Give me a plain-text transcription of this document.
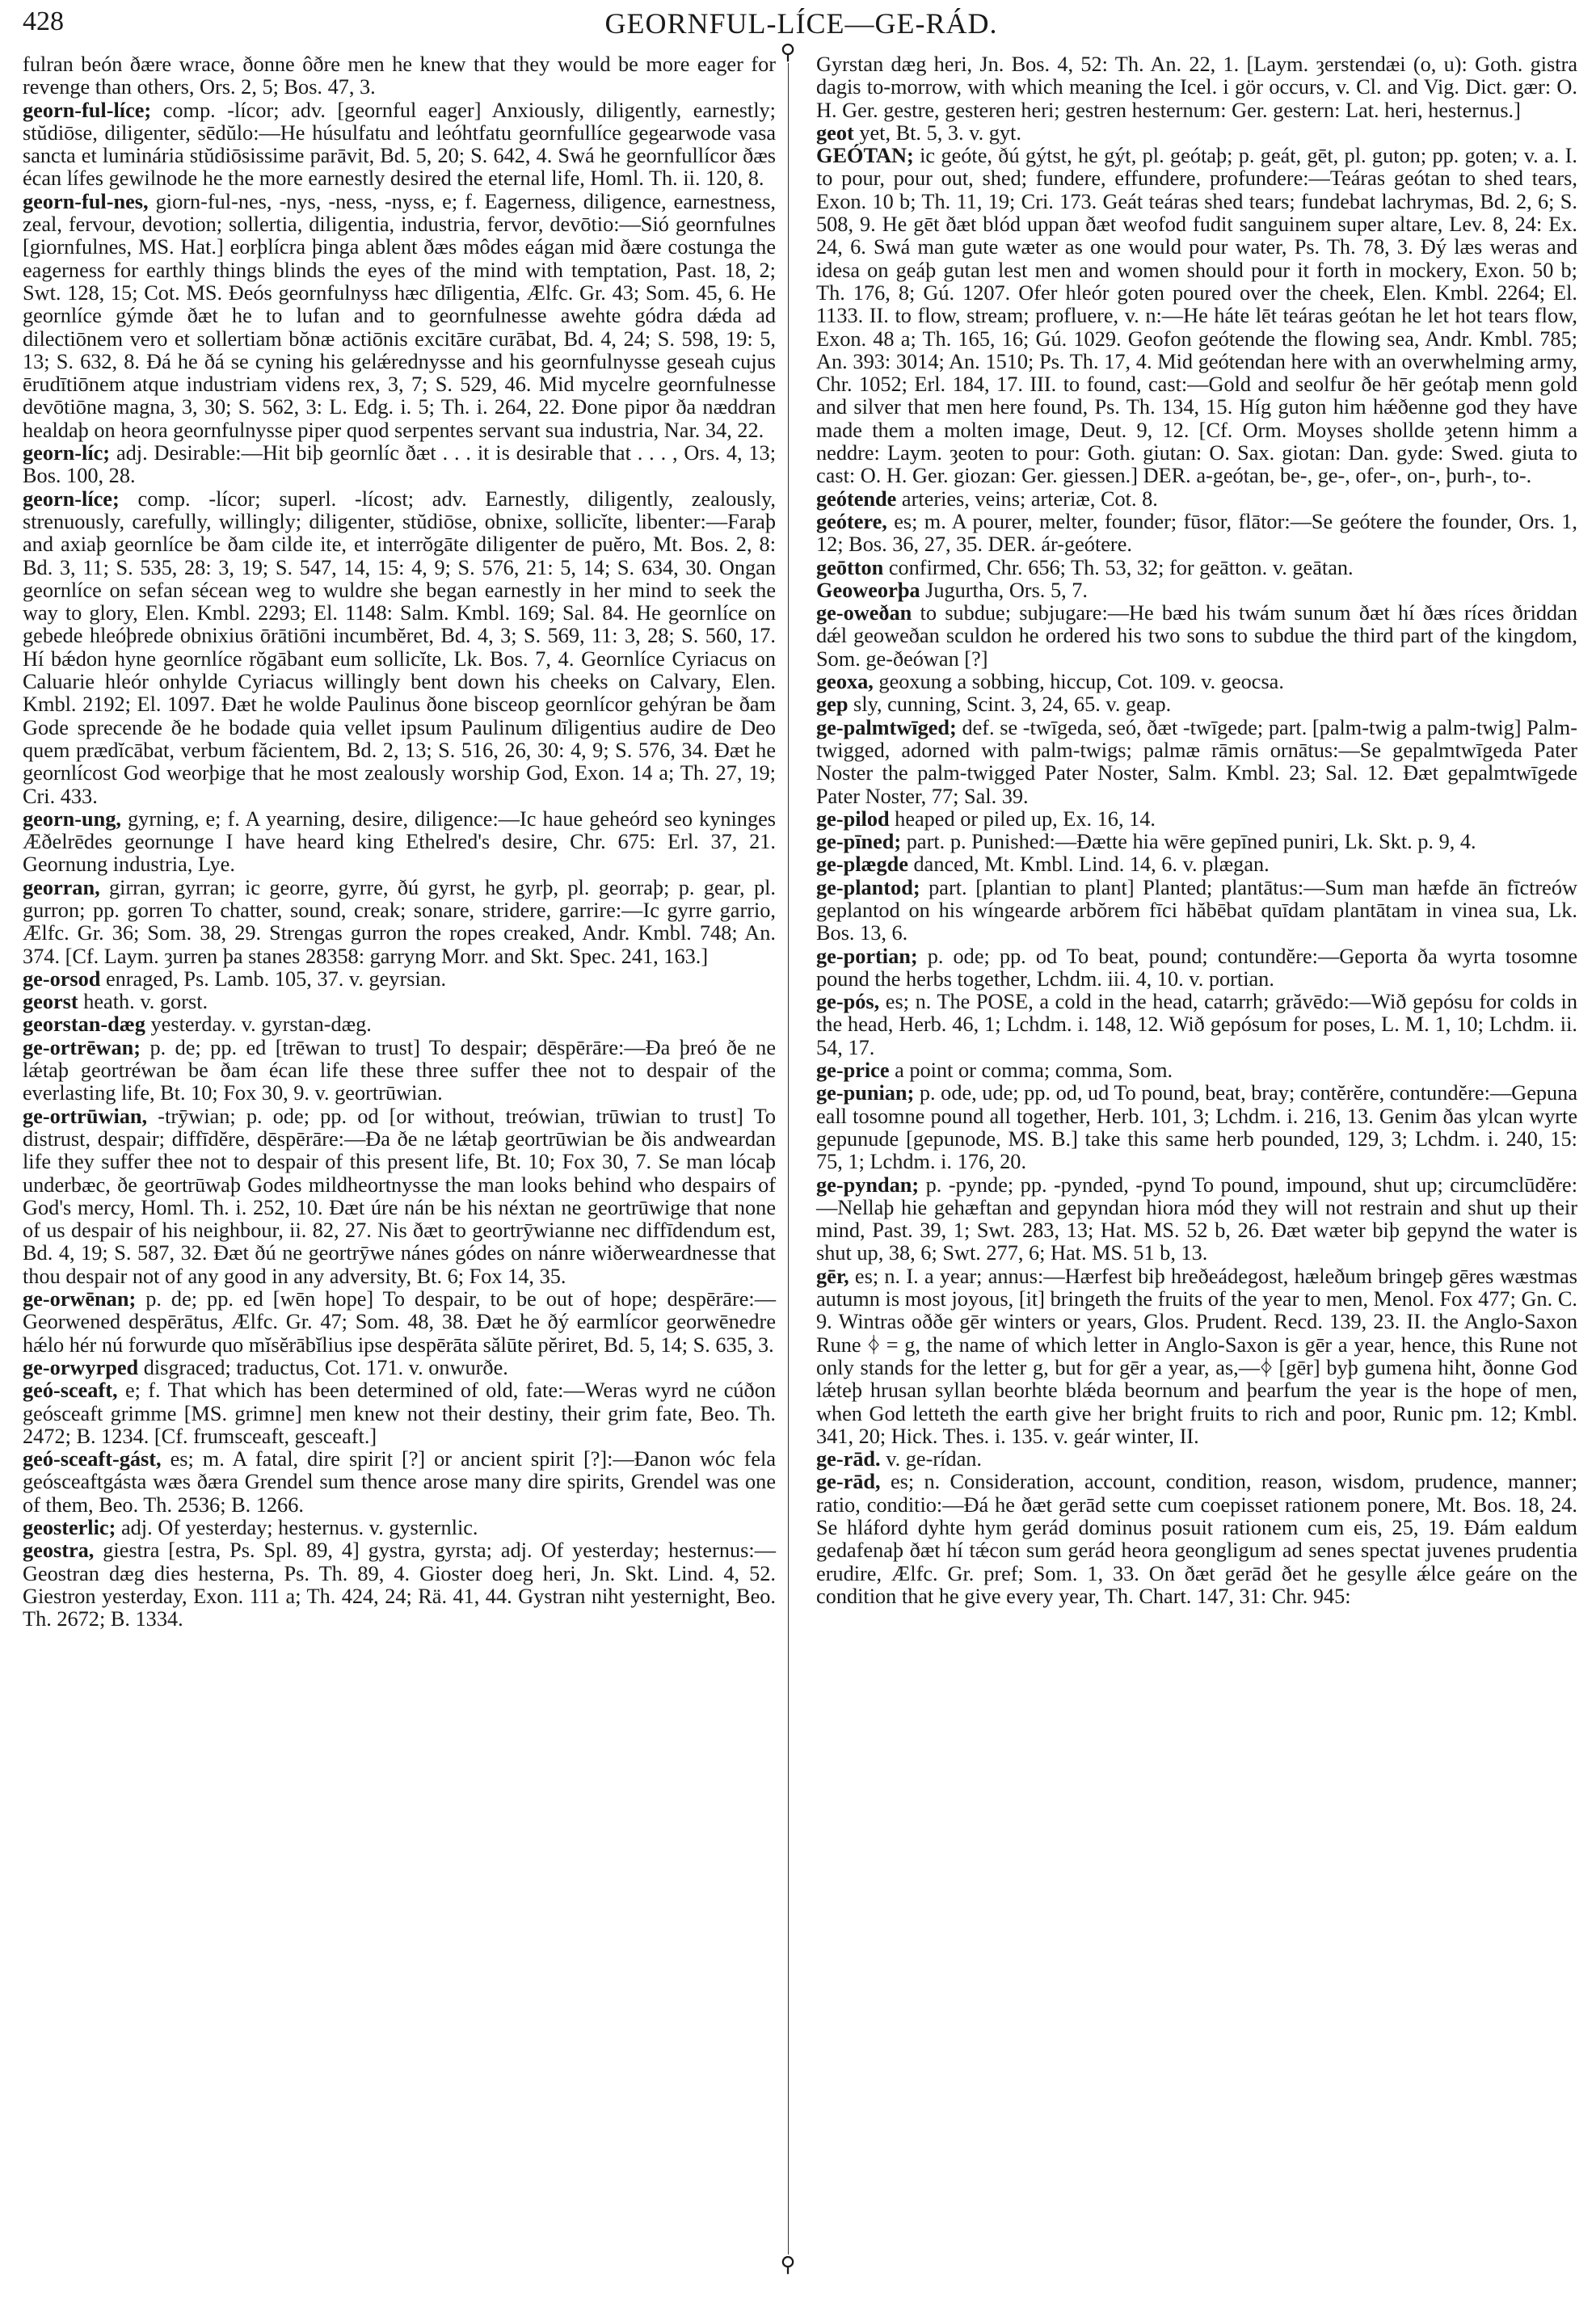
428	GEORNFUL-LÍCE—GE-RÁD.
⚲
⚲

fulran beón ðære wrace, ðonne ôðre men he knew that they would be more eager for revenge than others, Ors. 2, 5; Bos. 47, 3.

georn-ful-líce; comp. -lícor; adv. [geornful eager] Anxiously, diligently, earnestly; stŭdiōse, diligenter, sēdŭlo:—He húsulfatu and leóhtfatu geornfullíce gegearwode vasa sancta et luminária stŭdiōsissime parāvit, Bd. 5, 20; S. 642, 4. Swá he geornfullícor ðæs écan lífes gewilnode he the more earnestly desired the eternal life, Homl. Th. ii. 120, 8.

georn-ful-nes, giorn-ful-nes, -nys, -ness, -nyss, e; f. Eagerness, diligence, earnestness, zeal, fervour, devotion; sollertia, diligentia, industria, fervor, devōtio:—Sió geornfulnes [giornfulnes, MS. Hat.] eorþlícra þinga ablent ðæs môdes eágan mid ðære costunga the eagerness for earthly things blinds the eyes of the mind with temptation, Past. 18, 2; Swt. 128, 15; Cot. MS. Ðeós geornfulnyss hæc dīligentia, Ælfc. Gr. 43; Som. 45, 6. He geornlíce gýmde ðæt he to lufan and to geornfulnesse awehte gódra dǽda ad dilectiōnem vero et sollertiam bŏnæ actiōnis excitāre curābat, Bd. 4, 24; S. 598, 19: 5, 13; S. 632, 8. Ðá he ðá se cyning his gelǽrednysse and his geornfulnysse geseah cujus ērudītiōnem atque industriam videns rex, 3, 7; S. 529, 46. Mid mycelre geornfulnesse devōtiōne magna, 3, 30; S. 562, 3: L. Edg. i. 5; Th. i. 264, 22. Ðone pipor ða næddran healdaþ on heora geornfulnysse piper quod serpentes servant sua industria, Nar. 34, 22.

georn-líc; adj. Desirable:—Hit biþ geornlíc ðæt . . . it is desirable that . . . , Ors. 4, 13; Bos. 100, 28.

georn-líce; comp. -lícor; superl. -lícost; adv. Earnestly, diligently, zealously, strenuously, carefully, willingly; diligenter, stŭdiōse, obnixe, sollicĭte, libenter:—Faraþ and axiaþ geornlíce be ðam cilde ite, et interrŏgāte diligenter de puĕro, Mt. Bos. 2, 8: Bd. 3, 11; S. 535, 28: 3, 19; S. 547, 14, 15: 4, 9; S. 576, 21: 5, 14; S. 634, 30. Ongan geornlíce on sefan sécean weg to wuldre she began earnestly in her mind to seek the way to glory, Elen. Kmbl. 2293; El. 1148: Salm. Kmbl. 169; Sal. 84. He geornlíce on gebede hleóþrede obnixius ōrātiōni incumbĕret, Bd. 4, 3; S. 569, 11: 3, 28; S. 560, 17. Hí bǽdon hyne geornlíce rŏgābant eum sollicĭte, Lk. Bos. 7, 4. Geornlíce Cyriacus on Caluarie hleór onhylde Cyriacus willingly bent down his cheeks on Calvary, Elen. Kmbl. 2192; El. 1097. Ðæt he wolde Paulinus ðone bisceop geornlícor gehýran be ðam Gode sprecende ðe he bodade quia vellet ipsum Paulinum dīligentius audire de Deo quem prædĭcābat, verbum făcientem, Bd. 2, 13; S. 516, 26, 30: 4, 9; S. 576, 34. Ðæt he geornlícost God weorþige that he most zealously worship God, Exon. 14 a; Th. 27, 19; Cri. 433.

georn-ung, gyrning, e; f. A yearning, desire, diligence:—Ic haue geheórd seo kyninges Æðelrēdes geornunge I have heard king Ethelred's desire, Chr. 675: Erl. 37, 21. Geornung industria, Lye.

georran, girran, gyrran; ic georre, gyrre, ðú gyrst, he gyrþ, pl. georraþ; p. gear, pl. gurron; pp. gorren To chatter, sound, creak; sonare, stridere, garrire:—Ic gyrre garrio, Ælfc. Gr. 36; Som. 38, 29. Strengas gurron the ropes creaked, Andr. Kmbl. 748; An. 374. [Cf. Laym. ȝurren þa stanes 28358: garryng Morr. and Skt. Spec. 241, 163.]

ge-orsod enraged, Ps. Lamb. 105, 37. v. geyrsian.

georst heath. v. gorst.

georstan-dæg yesterday. v. gyrstan-dæg.

ge-ortrēwan; p. de; pp. ed [trēwan to trust] To despair; dēspērāre:—Ða þreó ðe ne lǽtaþ geortréwan be ðam écan life these three suffer thee not to despair of the everlasting life, Bt. 10; Fox 30, 9. v. geortrūwian.

ge-ortrūwian, -trȳwian; p. ode; pp. od [or without, treówian, trūwian to trust] To distrust, despair; diffīdĕre, dēspērāre:—Ða ðe ne lǽtaþ geortrūwian be ðis andweardan life they suffer thee not to despair of this present life, Bt. 10; Fox 30, 7. Se man lócaþ underbæc, ðe geortrūwaþ Godes mildheortnysse the man looks behind who despairs of God's mercy, Homl. Th. i. 252, 10. Ðæt úre nán be his néxtan ne geortrūwige that none of us despair of his neighbour, ii. 82, 27. Nis ðæt to geortrȳwianne nec diffīdendum est, Bd. 4, 19; S. 587, 32. Ðæt ðú ne geortrȳwe nánes gódes on nánre wiðerweardnesse that thou despair not of any good in any adversity, Bt. 6; Fox 14, 35.

ge-orwēnan; p. de; pp. ed [wēn hope] To despair, to be out of hope; despērāre:—Georwened despērātus, Ælfc. Gr. 47; Som. 48, 38. Ðæt he ðý earmlícor georwēnedre hǽlo hér nú forwurde quo mĭsĕrābĭlius ipse despērāta sălūte pĕriret, Bd. 5, 14; S. 635, 3.

ge-orwyrped disgraced; traductus, Cot. 171. v. onwurðe.

geó-sceaft, e; f. That which has been determined of old, fate:—Weras wyrd ne cúðon geósceaft grimme [MS. grimne] men knew not their destiny, their grim fate, Beo. Th. 2472; B. 1234. [Cf. frumsceaft, gesceaft.]

geó-sceaft-gást, es; m. A fatal, dire spirit [?] or ancient spirit [?]:—Ðanon wóc fela geósceaftgásta wæs ðæra Grendel sum thence arose many dire spirits, Grendel was one of them, Beo. Th. 2536; B. 1266.

geosterlic; adj. Of yesterday; hesternus. v. gysternlic.

geostra, giestra [estra, Ps. Spl. 89, 4] gystra, gyrsta; adj. Of yesterday; hesternus:—Geostran dæg dies hesterna, Ps. Th. 89, 4. Gioster doeg heri, Jn. Skt. Lind. 4, 52. Giestron yesterday, Exon. 111 a; Th. 424, 24; Rä. 41, 44. Gystran niht yesternight, Beo. Th. 2672; B. 1334.

Gyrstan dæg heri, Jn. Bos. 4, 52: Th. An. 22, 1. [Laym. ȝerstendæi (o, u): Goth. gistra dagis to-morrow, with which meaning the Icel. i gör occurs, v. Cl. and Vig. Dict. gær: O. H. Ger. gestre, gesteren heri; gestren hesternum: Ger. gestern: Lat. heri, hesternus.]

geot yet, Bt. 5, 3. v. gyt.

GEÓTAN; ic geóte, ðú gýtst, he gýt, pl. geótaþ; p. geát, gēt, pl. guton; pp. goten; v. a. I. to pour, pour out, shed; fundere, effundere, profundere:—Teáras geótan to shed tears, Exon. 10 b; Th. 11, 19; Cri. 173. Geát teáras shed tears; fundebat lachrymas, Bd. 2, 6; S. 508, 9. He gēt ðæt blód uppan ðæt weofod fudit sanguinem super altare, Lev. 8, 24: Ex. 24, 6. Swá man gute wæter as one would pour water, Ps. Th. 78, 3. Ðý læs weras and idesa on geáþ gutan lest men and women should pour it forth in mockery, Exon. 50 b; Th. 176, 8; Gú. 1207. Ofer hleór goten poured over the cheek, Elen. Kmbl. 2264; El. 1133. II. to flow, stream; profluere, v. n:—He háte lēt teáras geótan he let hot tears flow, Exon. 48 a; Th. 165, 16; Gú. 1029. Geofon geótende the flowing sea, Andr. Kmbl. 785; An. 393: 3014; An. 1510; Ps. Th. 17, 4. Mid geótendan here with an overwhelming army, Chr. 1052; Erl. 184, 17. III. to found, cast:—Gold and seolfur ðe hēr geótaþ menn gold and silver that men here found, Ps. Th. 134, 15. Híg guton him hǽðenne god they have made them a molten image, Deut. 9, 12. [Cf. Orm. Moyses shollde ȝetenn himm a neddre: Laym. ȝeoten to pour: Goth. giutan: O. Sax. giotan: Dan. gyde: Swed. giuta to cast: O. H. Ger. giozan: Ger. giessen.] DER. a-geótan, be-, ge-, ofer-, on-, þurh-, to-.

geótende arteries, veins; arteriæ, Cot. 8.

geótere, es; m. A pourer, melter, founder; fūsor, flātor:—Se geótere the founder, Ors. 1, 12; Bos. 36, 27, 35. DER. ár-geótere.

geōtton confirmed, Chr. 656; Th. 53, 32; for geātton. v. geātan.

Geoweorþa Jugurtha, Ors. 5, 7.

ge-oweðan to subdue; subjugare:—He bæd his twám sunum ðæt hí ðæs ríces ðriddan dǽl geoweðan sculdon he ordered his two sons to subdue the third part of the kingdom, Som. ge-ðeówan [?]

geoxa, geoxung a sobbing, hiccup, Cot. 109. v. geocsa.

gep sly, cunning, Scint. 3, 24, 65. v. geap.

ge-palmtwīged; def. se -twīgeda, seó, ðæt -twīgede; part. [palm-twig a palm-twig] Palm-twigged, adorned with palm-twigs; palmæ rāmis ornātus:—Se gepalmtwīgeda Pater Noster the palm-twigged Pater Noster, Salm. Kmbl. 23; Sal. 12. Ðæt gepalmtwīgede Pater Noster, 77; Sal. 39.

ge-pilod heaped or piled up, Ex. 16, 14.

ge-pīned; part. p. Punished:—Ðætte hia wēre gepīned puniri, Lk. Skt. p. 9, 4.

ge-plægde danced, Mt. Kmbl. Lind. 14, 6. v. plægan.

ge-plantod; part. [plantian to plant] Planted; plantātus:—Sum man hæfde ān fīctreów geplantod on his wíngearde arbŏrem fīci hăbēbat quīdam plantātam in vinea sua, Lk. Bos. 13, 6.

ge-portian; p. ode; pp. od To beat, pound; contundĕre:—Geporta ða wyrta tosomne pound the herbs together, Lchdm. iii. 4, 10. v. portian.

ge-pós, es; n. The POSE, a cold in the head, catarrh; grăvēdo:—Wið gepósu for colds in the head, Herb. 46, 1; Lchdm. i. 148, 12. Wið gepósum for poses, L. M. 1, 10; Lchdm. ii. 54, 17.

ge-price a point or comma; comma, Som.

ge-punian; p. ode, ude; pp. od, ud To pound, beat, bray; contĕrĕre, contundĕre:—Gepuna eall tosomne pound all together, Herb. 101, 3; Lchdm. i. 216, 13. Genim ðas ylcan wyrte gepunude [gepunode, MS. B.] take this same herb pounded, 129, 3; Lchdm. i. 240, 15: 75, 1; Lchdm. i. 176, 20.

ge-pyndan; p. -pynde; pp. -pynded, -pynd To pound, impound, shut up; circumclūdĕre:—Nellaþ hie gehæftan and gepyndan hiora mód they will not restrain and shut up their mind, Past. 39, 1; Swt. 283, 13; Hat. MS. 52 b, 26. Ðæt wæter biþ gepynd the water is shut up, 38, 6; Swt. 277, 6; Hat. MS. 51 b, 13.

gēr, es; n. I. a year; annus:—Hærfest biþ hreðeádegost, hæleðum bringeþ gēres wæstmas autumn is most joyous, [it] bringeth the fruits of the year to men, Menol. Fox 477; Gn. C. 9. Wintras oððe gēr winters or years, Glos. Prudent. Recd. 139, 23. II. the Anglo-Saxon Rune ᛄ = g, the name of which letter in Anglo-Saxon is gēr a year, hence, this Rune not only stands for the letter g, but for gēr a year, as,—ᛄ [gēr] byþ gumena hiht, ðonne God lǽteþ hrusan syllan beorhte blǽda beornum and þearfum the year is the hope of men, when God letteth the earth give her bright fruits to rich and poor, Runic pm. 12; Kmbl. 341, 20; Hick. Thes. i. 135. v. geár winter, II.

ge-rād. v. ge-rídan.

ge-rād, es; n. Consideration, account, condition, reason, wisdom, prudence, manner; ratio, conditio:—Ðá he ðæt gerād sette cum coepisset rationem ponere, Mt. Bos. 18, 24. Se hláford dyhte hym gerád dominus posuit rationem cum eis, 25, 19. Ðám ealdum gedafenaþ ðæt hí tǽcon sum gerád heora geongligum ad senes spectat juvenes prudentia erudire, Ælfc. Gr. pref; Som. 1, 33. On ðæt gerād ðet he gesylle ǽlce geáre on the condition that he give every year, Th. Chart. 147, 31: Chr. 945:
